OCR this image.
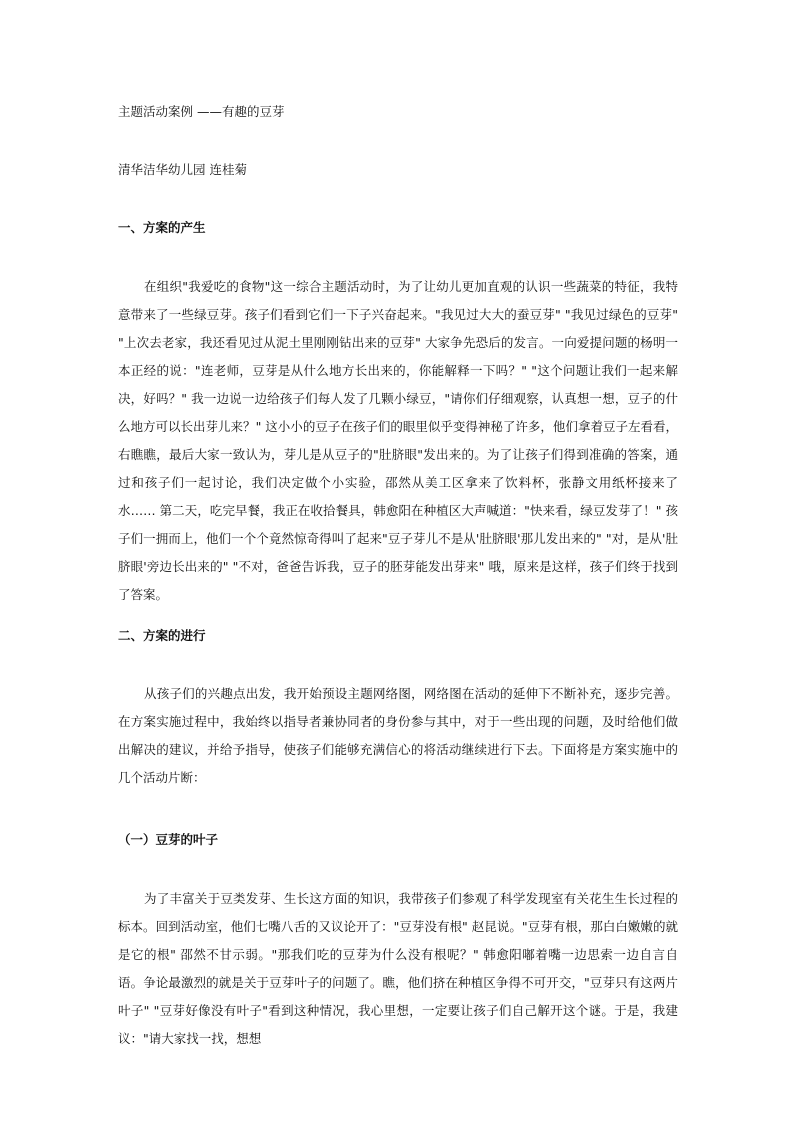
主题活动案例 ——有趣的豆芽
清华洁华幼儿园 连桂菊
一、方案的产生

在组织"我爱吃的食物"这一综合主题活动时，为了让幼儿更加直观的认识一些蔬菜的特征，我特意带来了一些绿豆芽。孩子们看到它们一下子兴奋起来。"我见过大大的蚕豆芽" "我见过绿色的豆芽" "上次去老家，我还看见过从泥土里刚刚钻出来的豆芽" 大家争先恐后的发言。一向爱提问题的杨明一本正经的说："连老师，豆芽是从什么地方长出来的，你能解释一下吗？" "这个问题让我们一起来解决，好吗？" 我一边说一边给孩子们每人发了几颗小绿豆，"请你们仔细观察，认真想一想，豆子的什么地方可以长出芽儿来？" 这小小的豆子在孩子们的眼里似乎变得神秘了许多，他们拿着豆子左看看，右瞧瞧，最后大家一致认为，芽儿是从豆子的"肚脐眼"发出来的。为了让孩子们得到准确的答案，通过和孩子们一起讨论，我们决定做个小实验，邵然从美工区拿来了饮料杯，张静文用纸杯接来了水…… 第二天，吃完早餐，我正在收拾餐具，韩愈阳在种植区大声喊道："快来看，绿豆发芽了！" 孩子们一拥而上，他们一个个竟然惊奇得叫了起来"豆子芽儿不是从'肚脐眼'那儿发出来的" "对，是从'肚脐眼'旁边长出来的" "不对，爸爸告诉我，豆子的胚芽能发出芽来" 哦，原来是这样，孩子们终于找到了答案。

二、方案的进行

从孩子们的兴趣点出发，我开始预设主题网络图，网络图在活动的延伸下不断补充，逐步完善。 在方案实施过程中，我始终以指导者兼协同者的身份参与其中，对于一些出现的问题，及时给他们做出解决的建议，并给予指导，使孩子们能够充满信心的将活动继续进行下去。下面将是方案实施中的几个活动片断：

（一）豆芽的叶子

为了丰富关于豆类发芽、生长这方面的知识，我带孩子们参观了科学发现室有关花生生长过程的标本。回到活动室，他们七嘴八舌的又议论开了："豆芽没有根" 赵昆说。"豆芽有根，那白白嫩嫩的就是它的根" 邵然不甘示弱。"那我们吃的豆芽为什么没有根呢？" 韩愈阳嘟着嘴一边思索一边自言自语。争论最激烈的就是关于豆芽叶子的问题了。瞧，他们挤在种植区争得不可开交，"豆芽只有这两片叶子" "豆芽好像没有叶子"看到这种情况，我心里想，一定要让孩子们自己解开这个谜。于是，我建议："请大家找一找，想想
